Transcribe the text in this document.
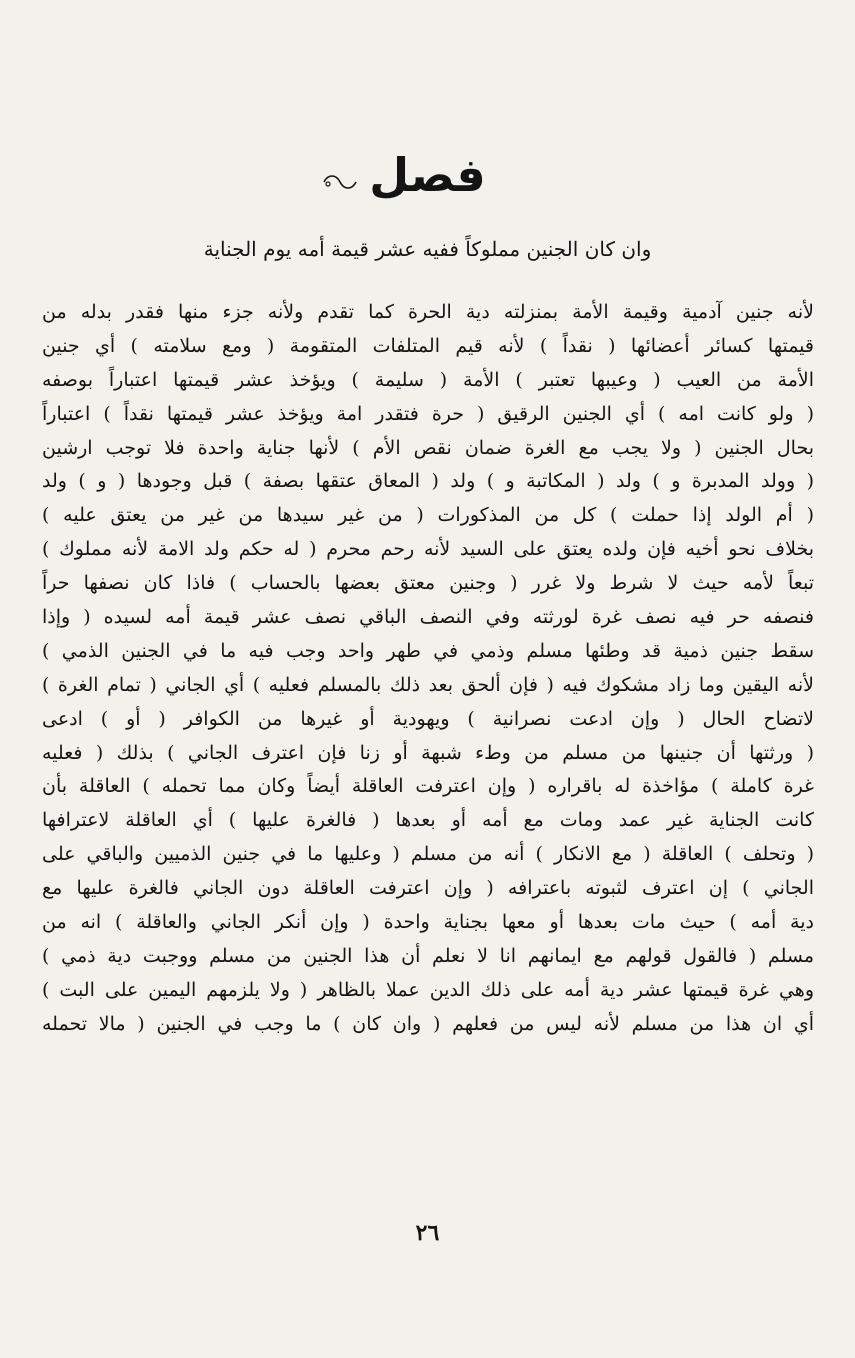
فصل
وان كان الجنين مملوكاً ففيه عشر قيمة أمه يوم الجناية
لأنه جنين آدمية وقيمة الأمة بمنزلته دية الحرة كما تقدم ولأنه جزء منها فقدر بدله من
قيمتها كسائر أعضائها ( نقداً ) لأنه قيم المتلفات المتقومة ( ومع سلامته ) أي جنين
الأمة من العيب ( وعيبها تعتبر ) الأمة ( سليمة ) ويؤخذ عشر قيمتها اعتباراً بوصفه
( ولو كانت امه ) أي الجنين الرقيق ( حرة فتقدر امة ويؤخذ عشر قيمتها نقداً ) اعتباراً
بحال الجنين ( ولا يجب مع الغرة ضمان نقص الأم ) لأنها جناية واحدة فلا توجب ارشين
( وولد المدبرة و ) ولد ( المكاتبة و ) ولد ( المعاق عتقها بصفة ) قبل وجودها ( و ) ولد
( أم الولد إذا حملت ) كل من المذكورات ( من غير سيدها من غير من يعتق عليه )
بخلاف نحو أخيه فإن ولده يعتق على السيد لأنه رحم محرم ( له حكم ولد الامة لأنه مملوك )
تبعاً لأمه حيث لا شرط ولا غرر ( وجنين معتق بعضها بالحساب ) فاذا كان نصفها حراً
فنصفه حر فيه نصف غرة لورثته وفي النصف الباقي نصف عشر قيمة أمه لسيده ( وإذا
سقط جنين ذمية قد وطئها مسلم وذمي في طهر واحد وجب فيه ما في الجنين الذمي )
لأنه اليقين وما زاد مشكوك فيه ( فإن ألحق بعد ذلك بالمسلم فعليه ) أي الجاني ( تمام الغرة )
لاتضاح الحال ( وإن ادعت نصرانية ) ويهودية أو غيرها من الكوافر ( أو ) ادعى
( ورثتها أن جنينها من مسلم من وطء شبهة أو زنا فإن اعترف الجاني ) بذلك ( فعليه
غرة كاملة ) مؤاخذة له باقراره ( وإن اعترفت العاقلة أيضاً وكان مما تحمله ) العاقلة بأن
كانت الجناية غير عمد ومات مع أمه أو بعدها ( فالغرة عليها ) أي العاقلة لاعترافها
( وتحلف ) العاقلة ( مع الانكار ) أنه من مسلم ( وعليها ما في جنين الذميين والباقي على
الجاني ) إن اعترف لثبوته باعترافه ( وإن اعترفت العاقلة دون الجاني فالغرة عليها مع
دية أمه ) حيث مات بعدها أو معها بجناية واحدة ( وإن أنكر الجاني والعاقلة ) انه من
مسلم ( فالقول قولهم مع ايمانهم انا لا نعلم أن هذا الجنين من مسلم ووجبت دية ذمي )
وهي غرة قيمتها عشر دية أمه على ذلك الدين عملا بالظاهر ( ولا يلزمهم اليمين على البت )
أي ان هذا من مسلم لأنه ليس من فعلهم ( وان كان ) ما وجب في الجنين ( مالا تحمله
٢٦
